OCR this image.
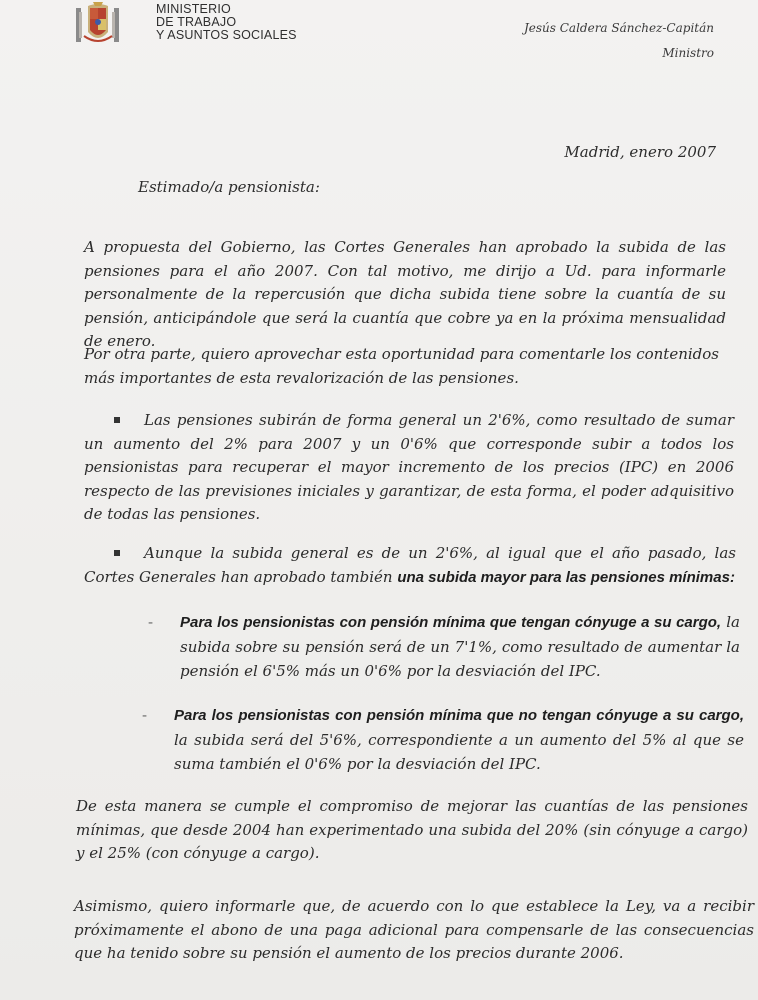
MINISTERIO
DE TRABAJO
Y ASUNTOS SOCIALES	Jesús Caldera Sánchez-Capitán
Ministro
Madrid, enero 2007
Estimado/a pensionista:
A propuesta del Gobierno, las Cortes Generales han aprobado la subida de las pensiones para el año 2007. Con tal motivo, me dirijo a Ud. para informarle personalmente de la repercusión que dicha subida tiene sobre la cuantía de su pensión, anticipándole que será la cuantía que cobre ya en la próxima mensualidad de enero.
Por otra parte, quiero aprovechar esta oportunidad para comentarle los contenidos más importantes de esta revalorización de las pensiones.
Las pensiones subirán de forma general un 2'6%, como resultado de sumar un aumento del 2% para 2007 y un 0'6% que corresponde subir a todos los pensionistas para recuperar el mayor incremento de los precios (IPC) en 2006 respecto de las previsiones iniciales y garantizar, de esta forma, el poder adquisitivo de todas las pensiones.
Aunque la subida general es de un 2'6%, al igual que el año pasado, las Cortes Generales han aprobado también una subida mayor para las pensiones mínimas:
- Para los pensionistas con pensión mínima que tengan cónyuge a su cargo, la subida sobre su pensión será de un 7'1%, como resultado de aumentar la pensión el 6'5% más un 0'6% por la desviación del IPC.
- Para los pensionistas con pensión mínima que no tengan cónyuge a su cargo, la subida será del 5'6%, correspondiente a un aumento del 5% al que se suma también el 0'6% por la desviación del IPC.
De esta manera se cumple el compromiso de mejorar las cuantías de las pensiones mínimas, que desde 2004 han experimentado una subida del 20% (sin cónyuge a cargo) y el 25% (con cónyuge a cargo).
Asimismo, quiero informarle que, de acuerdo con lo que establece la Ley, va a recibir próximamente el abono de una paga adicional para compensarle de las consecuencias que ha tenido sobre su pensión el aumento de los precios durante 2006.
